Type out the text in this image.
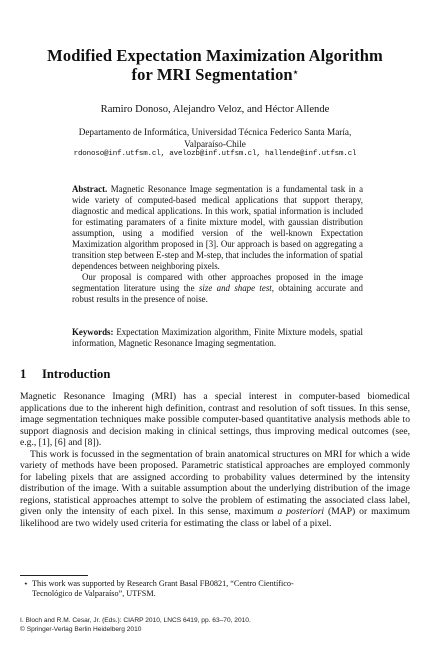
Modified Expectation Maximization Algorithm
for MRI Segmentation⋆
Ramiro Donoso, Alejandro Veloz, and Héctor Allende
Departamento de Informática, Universidad Técnica Federico Santa María,
Valparaíso-Chile
rdonoso@inf.utfsm.cl, avelozb@inf.utfsm.cl, hallende@inf.utfsm.cl

Abstract. Magnetic Resonance Image segmentation is a fundamental task in a wide variety of computed-based medical applications that support therapy, diagnostic and medical applications. In this work, spatial information is included for estimating paramaters of a finite mixture model, with gaussian distribution assumption, using a modified version of the well-known Expectation Maximization algorithm proposed in [3]. Our approach is based on aggregating a transition step between E-step and M-step, that includes the information of spatial dependences between neighboring pixels.

Our proposal is compared with other approaches proposed in the image segmentation literature using the size and shape test, obtaining accurate and robust results in the presence of noise.

Keywords: Expectation Maximization algorithm, Finite Mixture models, spatial information, Magnetic Resonance Imaging segmentation.
1 Introduction

Magnetic Resonance Imaging (MRI) has a special interest in computer-based biomedical applications due to the inherent high definition, contrast and resolution of soft tissues. In this sense, image segmentation techniques make possible computer-based quantitative analysis methods able to support diagnosis and decision making in clinical settings, thus improving medical outcomes (see, e.g., [1], [6] and [8]).

This work is focussed in the segmentation of brain anatomical structures on MRI for which a wide variety of methods have been proposed. Parametric statistical approaches are employed commonly for labeling pixels that are assigned according to probability values determined by the intensity distribution of the image. With a suitable assumption about the underlying distribution of the image regions, statistical approaches attempt to solve the problem of estimating the associated class label, given only the intensity of each pixel. In this sense, maximum a posteriori (MAP) or maximum likelihood are two widely used criteria for estimating the class or label of a pixel.

⋆ This work was supported by Research Grant Basal FB0821, “Centro Científico-
Tecnológico de Valparaíso”, UTFSM.
I. Bloch and R.M. Cesar, Jr. (Eds.): CIARP 2010, LNCS 6419, pp. 63–70, 2010.
© Springer-Verlag Berlin Heidelberg 2010
